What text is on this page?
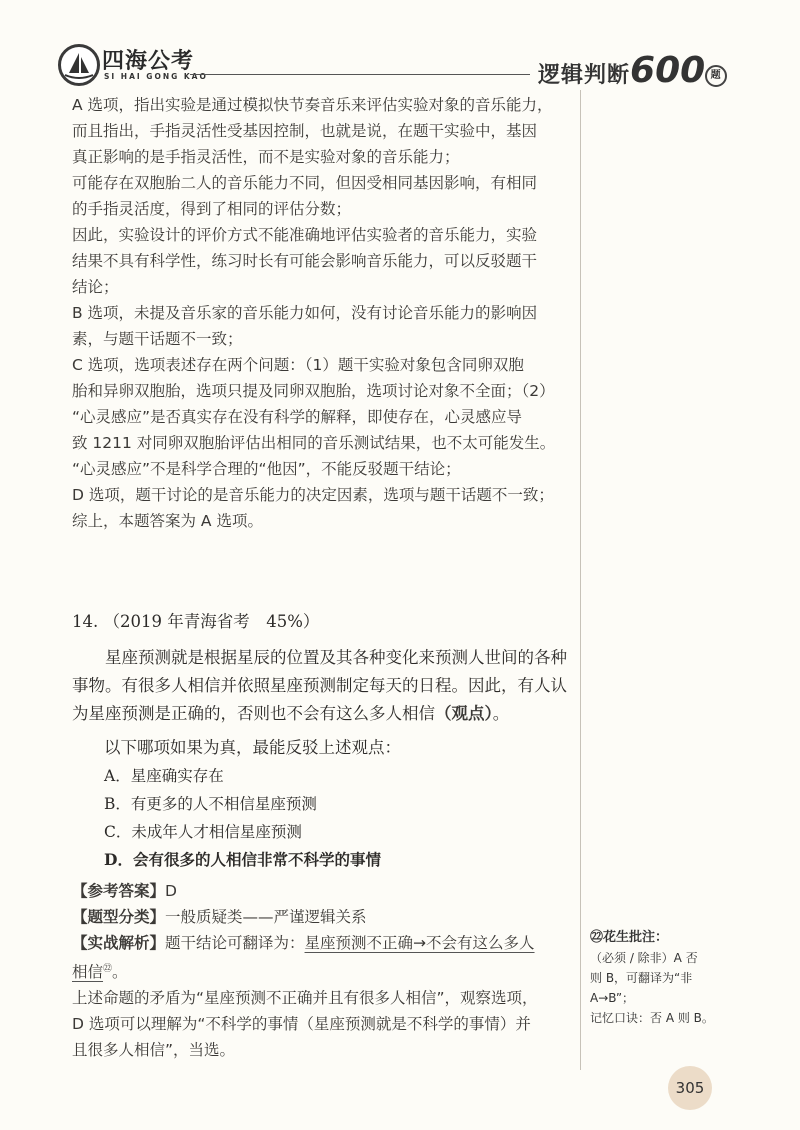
四海公考
SI HAI GONG KAO	逻辑判断600 题
A 选项，指出实验是通过模拟快节奏音乐来评估实验对象的音乐能力，
而且指出，手指灵活性受基因控制，也就是说，在题干实验中，基因
真正影响的是手指灵活性，而不是实验对象的音乐能力；
可能存在双胞胎二人的音乐能力不同，但因受相同基因影响，有相同
的手指灵活度，得到了相同的评估分数；
因此，实验设计的评价方式不能准确地评估实验者的音乐能力，实验
结果不具有科学性，练习时长有可能会影响音乐能力，可以反驳题干
结论；
B 选项，未提及音乐家的音乐能力如何，没有讨论音乐能力的影响因
素，与题干话题不一致；
C 选项，选项表述存在两个问题：（1）题干实验对象包含同卵双胞
胎和异卵双胞胎，选项只提及同卵双胞胎，选项讨论对象不全面；（2）
“心灵感应”是否真实存在没有科学的解释，即使存在，心灵感应导
致 1211 对同卵双胞胎评估出相同的音乐测试结果，也不太可能发生。
“心灵感应”不是科学合理的“他因”，不能反驳题干结论；
D 选项，题干讨论的是音乐能力的决定因素，选项与题干话题不一致；
综上，本题答案为 A 选项。
14. （2019 年青海省考　45%）
星座预测就是根据星辰的位置及其各种变化来预测人世间的各种事物。有很多人相信并依照星座预测制定每天的日程。因此，有人认为星座预测是正确的，否则也不会有这么多人相信（观点）。
以下哪项如果为真，最能反驳上述观点：
A．星座确实存在
B．有更多的人不相信星座预测
C．未成年人才相信星座预测
D．会有很多的人相信非常不科学的事情
【参考答案】D
【题型分类】一般质疑类——严谨逻辑关系
【实战解析】题干结论可翻译为：星座预测不正确→不会有这么多人
相信$^㉒$。
上述命题的矛盾为“星座预测不正确并且有很多人相信”，观察选项，
D 选项可以理解为“不科学的事情（星座预测就是不科学的事情）并
且很多人相信”，当选。
㉒花生批注：
（必须 / 除非）A 否
则 B，可翻译为“非
A→B”；
记忆口诀：否 A 则 B。
305
